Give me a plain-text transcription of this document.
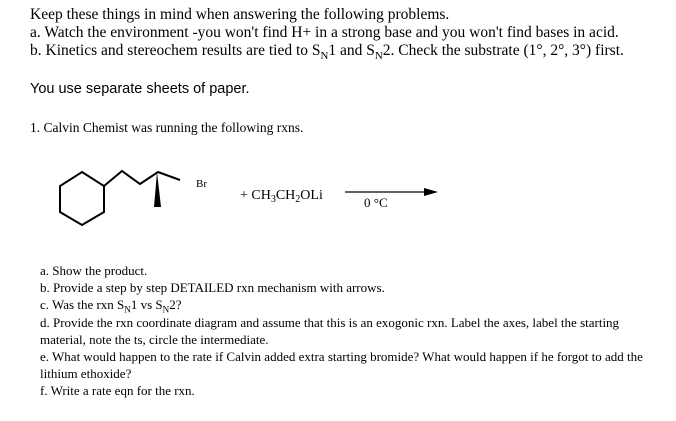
Keep these things in mind when answering the following problems.
a. Watch the environment -you won't find H+ in a strong base and you won't find bases in acid.
b. Kinetics and stereochem results are tied to $S_N1$ and $S_N2$. Check the substrate (1°, 2°, 3°) first.
You use separate sheets of paper.
1. Calvin Chemist was running the following rxns.
Br
+ $CH_3CH_2OLi$	0 °C
a. Show the product.
b. Provide a step by step DETAILED rxn mechanism with arrows.
c. Was the rxn $S_N1$ vs $S_N2$?
d. Provide the rxn coordinate diagram and assume that this is an exogonic rxn. Label the axes, label the starting material, note the ts, circle the intermediate.
e. What would happen to the rate if Calvin added extra starting bromide? What would happen if he forgot to add the lithium ethoxide?
f. Write a rate eqn for the rxn.
